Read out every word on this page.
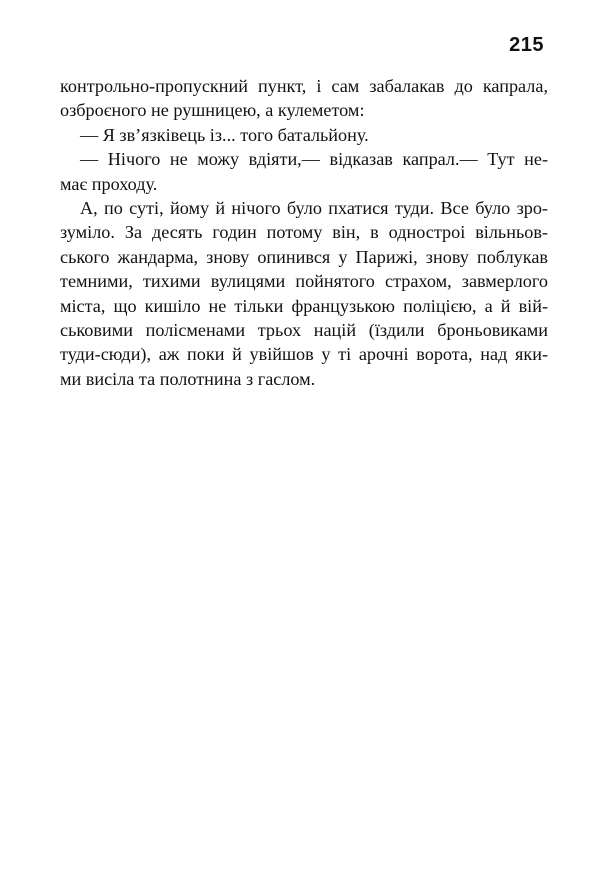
215
контрольно-пропускний пункт, і сам забалакав до капрала,
озброєного не рушницею, а кулеметом:
— Я зв’язківець із... того батальйону.
— Нічого не можу вдіяти,— відказав капрал.— Тут не-
має проходу.
А, по суті, йому й нічого було пхатися туди. Все було зро-
зуміло. За десять годин потому він, в одностроі вільньов-
ського жандарма, знову опинився у Парижі, знову поблукав
темними, тихими вулицями пойнятого страхом, завмерлого
міста, що кишіло не тільки французькою поліцією, а й вій-
ськовими полісменами трьох націй (їздили броньовиками
туди-сюди), аж поки й увійшов у ті арочні ворота, над яки-
ми висіла та полотнина з гаслом.
